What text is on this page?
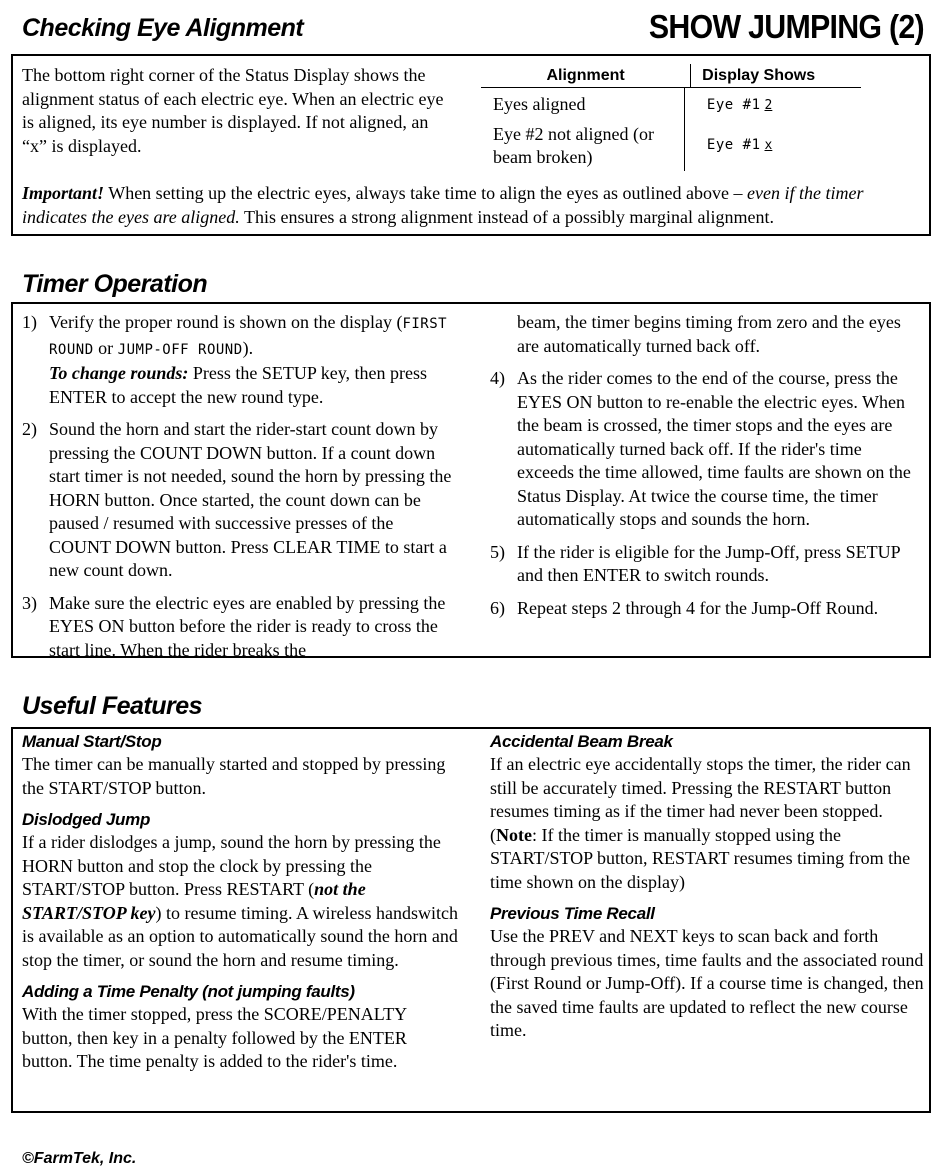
Checking Eye Alignment	SHOW JUMPING (2)
The bottom right corner of the Status Display shows the alignment status of each electric eye. When an electric eye is aligned, its eye number is displayed. If not aligned, an “x” is displayed.
Alignment	Display Shows
Eyes aligned
Eye #2 not aligned (or beam broken)
Eye #1 2
Eye #1 x
Important! When setting up the electric eyes, always take time to align the eyes as outlined above – even if the timer indicates the eyes are aligned. This ensures a strong alignment instead of a possibly marginal alignment.
Timer Operation
1) Verify the proper round is shown on the display (FIRST ROUND or JUMP-OFF ROUND).
To change rounds: Press the SETUP key, then press ENTER to accept the new round type.
2) Sound the horn and start the rider-start count down by pressing the COUNT DOWN button. If a count down start timer is not needed, sound the horn by pressing the HORN button. Once started, the count down can be paused / resumed with successive presses of the COUNT DOWN button. Press CLEAR TIME to start a new count down.
3) Make sure the electric eyes are enabled by pressing the EYES ON button before the rider is ready to cross the start line. When the rider breaks the
beam, the timer begins timing from zero and the eyes are automatically turned back off.
4) As the rider comes to the end of the course, press the EYES ON button to re-enable the electric eyes. When the beam is crossed, the timer stops and the eyes are automatically turned back off. If the rider's time exceeds the time allowed, time faults are shown on the Status Display. At twice the course time, the timer automatically stops and sounds the horn.
5) If the rider is eligible for the Jump-Off, press SETUP and then ENTER to switch rounds.
6) Repeat steps 2 through 4 for the Jump-Off Round.
Useful Features
Manual Start/Stop
The timer can be manually started and stopped by pressing the START/STOP button.
Dislodged Jump
If a rider dislodges a jump, sound the horn by pressing the HORN button and stop the clock by pressing the START/STOP button. Press RESTART (not the START/STOP key) to resume timing. A wireless handswitch is available as an option to automatically sound the horn and stop the timer, or sound the horn and resume timing.
Adding a Time Penalty (not jumping faults)
With the timer stopped, press the SCORE/PENALTY button, then key in a penalty followed by the ENTER button. The time penalty is added to the rider's time.
Accidental Beam Break
If an electric eye accidentally stops the timer, the rider can still be accurately timed. Pressing the RESTART button resumes timing as if the timer had never been stopped. (Note: If the timer is manually stopped using the START/STOP button, RESTART resumes timing from the time shown on the display)
Previous Time Recall
Use the PREV and NEXT keys to scan back and forth through previous times, time faults and the associated round (First Round or Jump-Off). If a course time is changed, then the saved time faults are updated to reflect the new course time.
©FarmTek, Inc.
